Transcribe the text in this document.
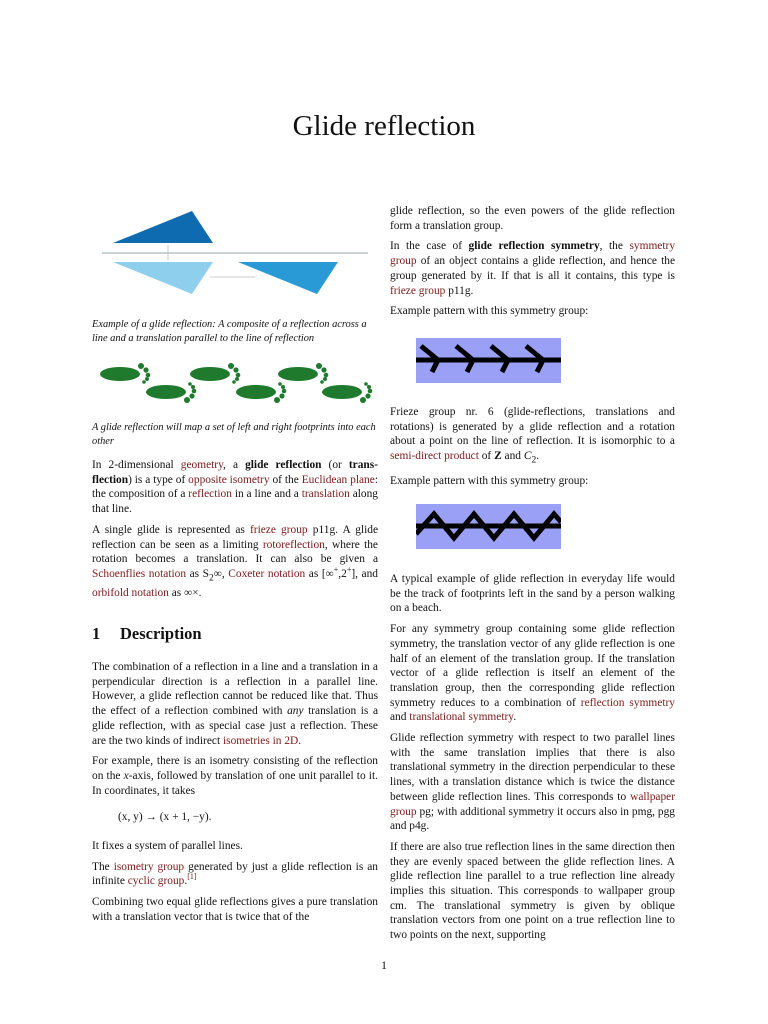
Glide reflection
Example of a glide reflection: A composite of a reflection across a line and a translation parallel to the line of reflection
A glide reflection will map a set of left and right footprints into each other

In 2-dimensional geometry, a glide reflection (or trans-flection) is a type of opposite isometry of the Euclidean plane: the composition of a reflection in a line and a translation along that line.

A single glide is represented as frieze group p11g. A glide reflection can be seen as a limiting rotoreflection, where the rotation becomes a translation. It can also be given a Schoenflies notation as $S_2\infty$, Coxeter notation as [∞+,2+], and orbifold notation as ∞×.

1 Description

The combination of a reflection in a line and a translation in a perpendicular direction is a reflection in a parallel line. However, a glide reflection cannot be reduced like that. Thus the effect of a reflection combined with any translation is a glide reflection, with as special case just a reflection. These are the two kinds of indirect isometries in 2D.

For example, there is an isometry consisting of the reflection on the x-axis, followed by translation of one unit parallel to it. In coordinates, it takes

(x, y) → (x + 1, −y).

It fixes a system of parallel lines.

The isometry group generated by just a glide reflection is an infinite cyclic group.[1]

Combining two equal glide reflections gives a pure translation with a translation vector that is twice that of the

glide reflection, so the even powers of the glide reflection form a translation group.

In the case of glide reflection symmetry, the symmetry group of an object contains a glide reflection, and hence the group generated by it. If that is all it contains, this type is frieze group p11g.

Example pattern with this symmetry group:

Frieze group nr. 6 (glide-reflections, translations and rotations) is generated by a glide reflection and a rotation about a point on the line of reflection. It is isomorphic to a semi-direct product of Z and $C_2$.

Example pattern with this symmetry group:

A typical example of glide reflection in everyday life would be the track of footprints left in the sand by a person walking on a beach.

For any symmetry group containing some glide reflection symmetry, the translation vector of any glide reflection is one half of an element of the translation group. If the translation vector of a glide reflection is itself an element of the translation group, then the corresponding glide reflection symmetry reduces to a combination of reflection symmetry and translational symmetry.

Glide reflection symmetry with respect to two parallel lines with the same translation implies that there is also translational symmetry in the direction perpendicular to these lines, with a translation distance which is twice the distance between glide reflection lines. This corresponds to wallpaper group pg; with additional symmetry it occurs also in pmg, pgg and p4g.

If there are also true reflection lines in the same direction then they are evenly spaced between the glide reflection lines. A glide reflection line parallel to a true reflection line already implies this situation. This corresponds to wallpaper group cm. The translational symmetry is given by oblique translation vectors from one point on a true reflection line to two points on the next, supporting

1
